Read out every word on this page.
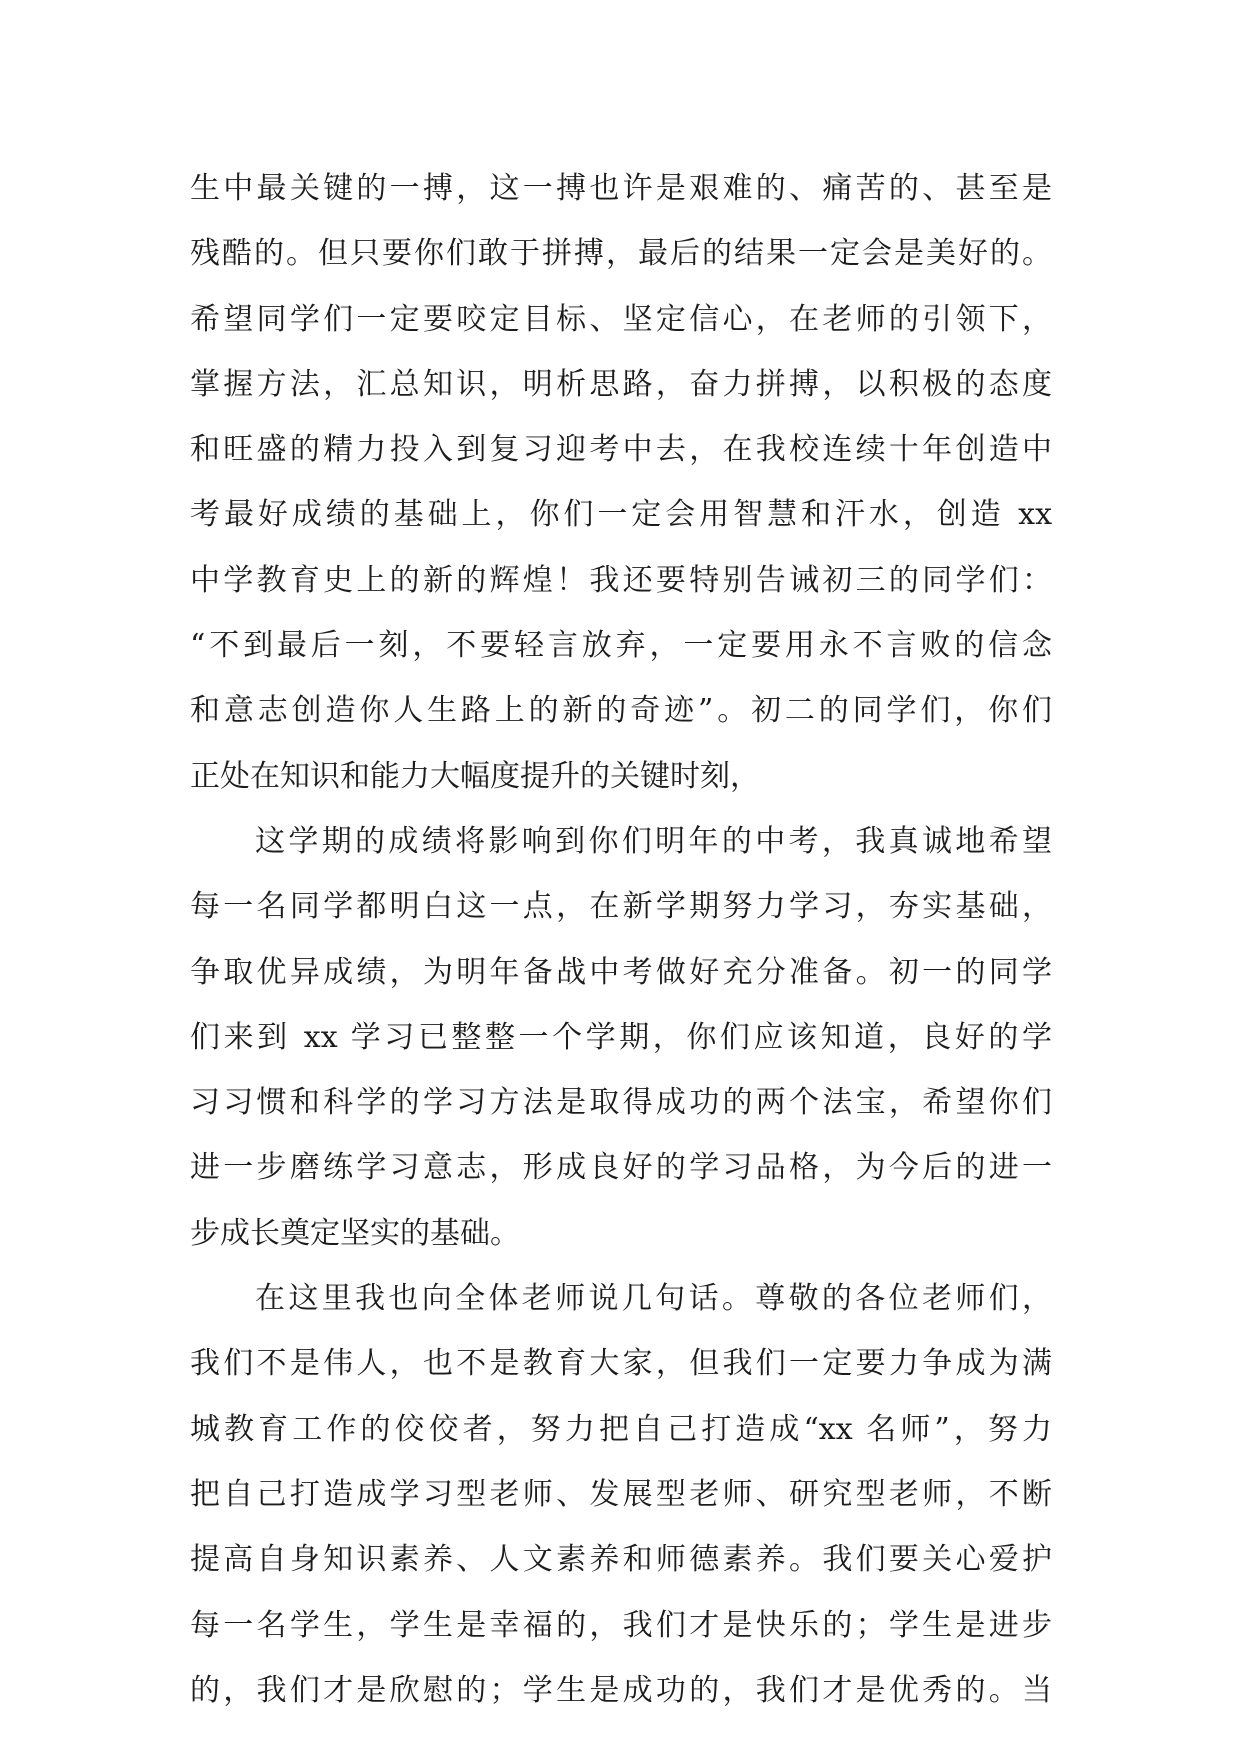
生中最关键的一搏，这一搏也许是艰难的、痛苦的、甚至是
残酷的。但只要你们敢于拼搏，最后的结果一定会是美好的。
希望同学们一定要咬定目标、坚定信心，在老师的引领下，
掌握方法，汇总知识，明析思路，奋力拼搏，以积极的态度
和旺盛的精力投入到复习迎考中去，在我校连续十年创造中
考最好成绩的基础上，你们一定会用智慧和汗水，创造 xx
中学教育史上的新的辉煌！我还要特别告诫初三的同学们：
“不到最后一刻，不要轻言放弃，一定要用永不言败的信念
和意志创造你人生路上的新的奇迹”。初二的同学们，你们
正处在知识和能力大幅度提升的关键时刻，
这学期的成绩将影响到你们明年的中考，我真诚地希望
每一名同学都明白这一点，在新学期努力学习，夯实基础，
争取优异成绩，为明年备战中考做好充分准备。初一的同学
们来到 xx 学习已整整一个学期，你们应该知道，良好的学
习习惯和科学的学习方法是取得成功的两个法宝，希望你们
进一步磨练学习意志，形成良好的学习品格，为今后的进一
步成长奠定坚实的基础。
在这里我也向全体老师说几句话。尊敬的各位老师们，
我们不是伟人，也不是教育大家，但我们一定要力争成为满
城教育工作的佼佼者，努力把自己打造成“xx 名师”，努力
把自己打造成学习型老师、发展型老师、研究型老师，不断
提高自身知识素养、人文素养和师德素养。我们要关心爱护
每一名学生，学生是幸福的，我们才是快乐的；学生是进步
的，我们才是欣慰的；学生是成功的，我们才是优秀的。当
